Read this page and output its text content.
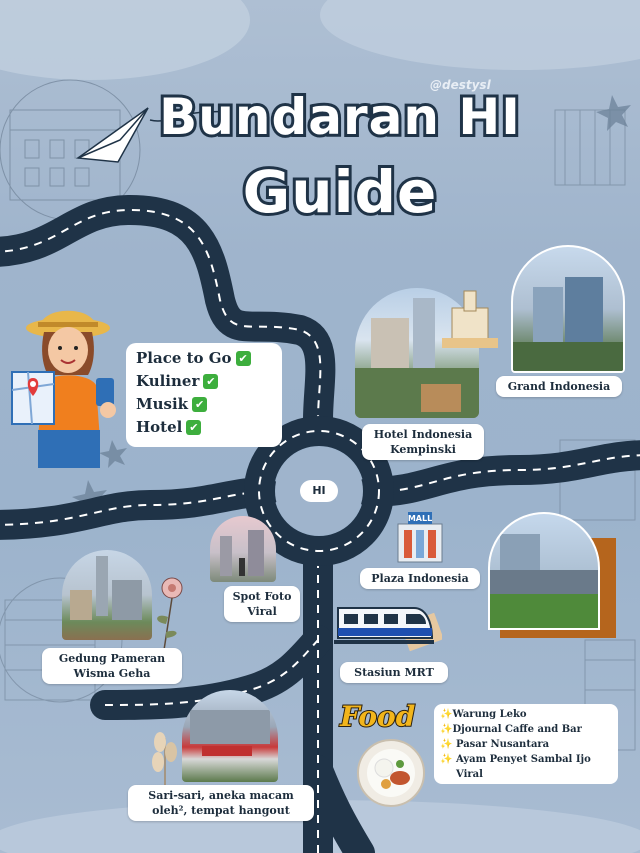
@destysl
Bundaran HI
Guide
Place to Go ✔
Kuliner ✔
Musik ✔
Hotel ✔
HI
Hotel Indonesia
Kempinski
Grand Indonesia
Spot Foto
Viral
Gedung Pameran
Wisma Geha
MALL
Plaza Indonesia
Stasiun MRT
Sari-sari, aneka macam
oleh², tempat hangout
Food ✨Warung Leko
✨Djournal Caffe and Bar
✨ Pasar Nusantara
✨ Ayam Penyet Sambal Ijo
Viral
